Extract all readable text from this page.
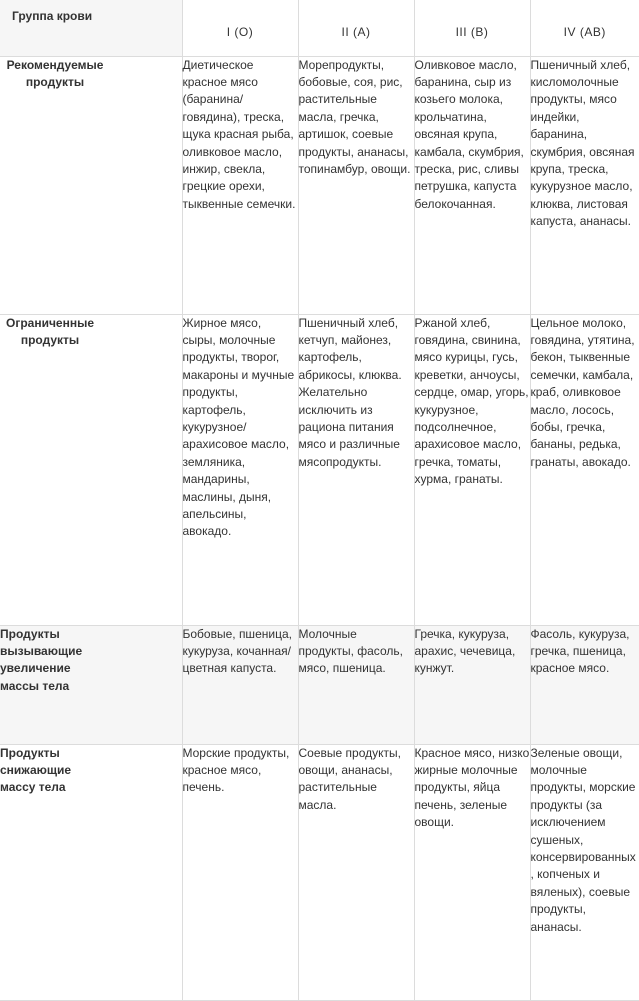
Группа крови	I (O)	II (A)	III (B)	IV (AB)

Рекомендуемые
продукты	Диетическое красное мясо (баранина/ говядина), треска, щука красная рыба, оливковое масло, инжир, свекла, грецкие орехи, тыквенные семечки.	Морепродукты, бобовые, соя, рис, растительные масла, гречка, артишок, соевые продукты, ананасы, топинамбур, овощи.	Оливковое масло, баранина, сыр из козьего молока, крольчатина, овсяная крупа, камбала, скумбрия, треска, рис, сливы петрушка, капуста белокочанная.	Пшеничный хлеб, кисломолочные продукты, мясо индейки, баранина, скумбрия, овсяная крупа, треска, кукурузное масло, клюква, листовая капуста, ананасы.

Ограниченные
продукты	Жирное мясо, сыры, молочные продукты, творог, макароны и мучные продукты, картофель, кукурузное/ арахисовое масло, земляника, мандарины, маслины, дыня, апельсины, авокадо.	Пшеничный хлеб, кетчуп, майонез, картофель, абрикосы, клюква. Желательно исключить из рациона питания мясо и различные мясопродукты.	Ржаной хлеб, говядина, свинина, мясо курицы, гусь, креветки, анчоусы, сердце, омар, угорь, кукурузное, подсолнечное, арахисовое масло, гречка, томаты, хурма, гранаты.	Цельное молоко, говядина, утятина, бекон, тыквенные семечки, камбала, краб, оливковое масло, лосось, бобы, гречка, бананы, редька, гранаты, авокадо.

Продукты
вызывающие
увеличение
массы тела	Бобовые, пшеница, кукуруза, кочанная/ цветная капуста.	Молочные продукты, фасоль, мясо, пшеница.	Гречка, кукуруза, арахис, чечевица, кунжут.	Фасоль, кукуруза, гречка, пшеница, красное мясо.

Продукты
снижающие
массу тела	Морские продукты, красное мясо, печень.	Соевые продукты, овощи, ананасы, растительные масла.	Красное мясо, низко жирные молочные продукты, яйца печень, зеленые овощи.	Зеленые овощи, молочные продукты, морские продукты (за исключением сушеных, консервированных, копченых и вяленых), соевые продукты, ананасы.
